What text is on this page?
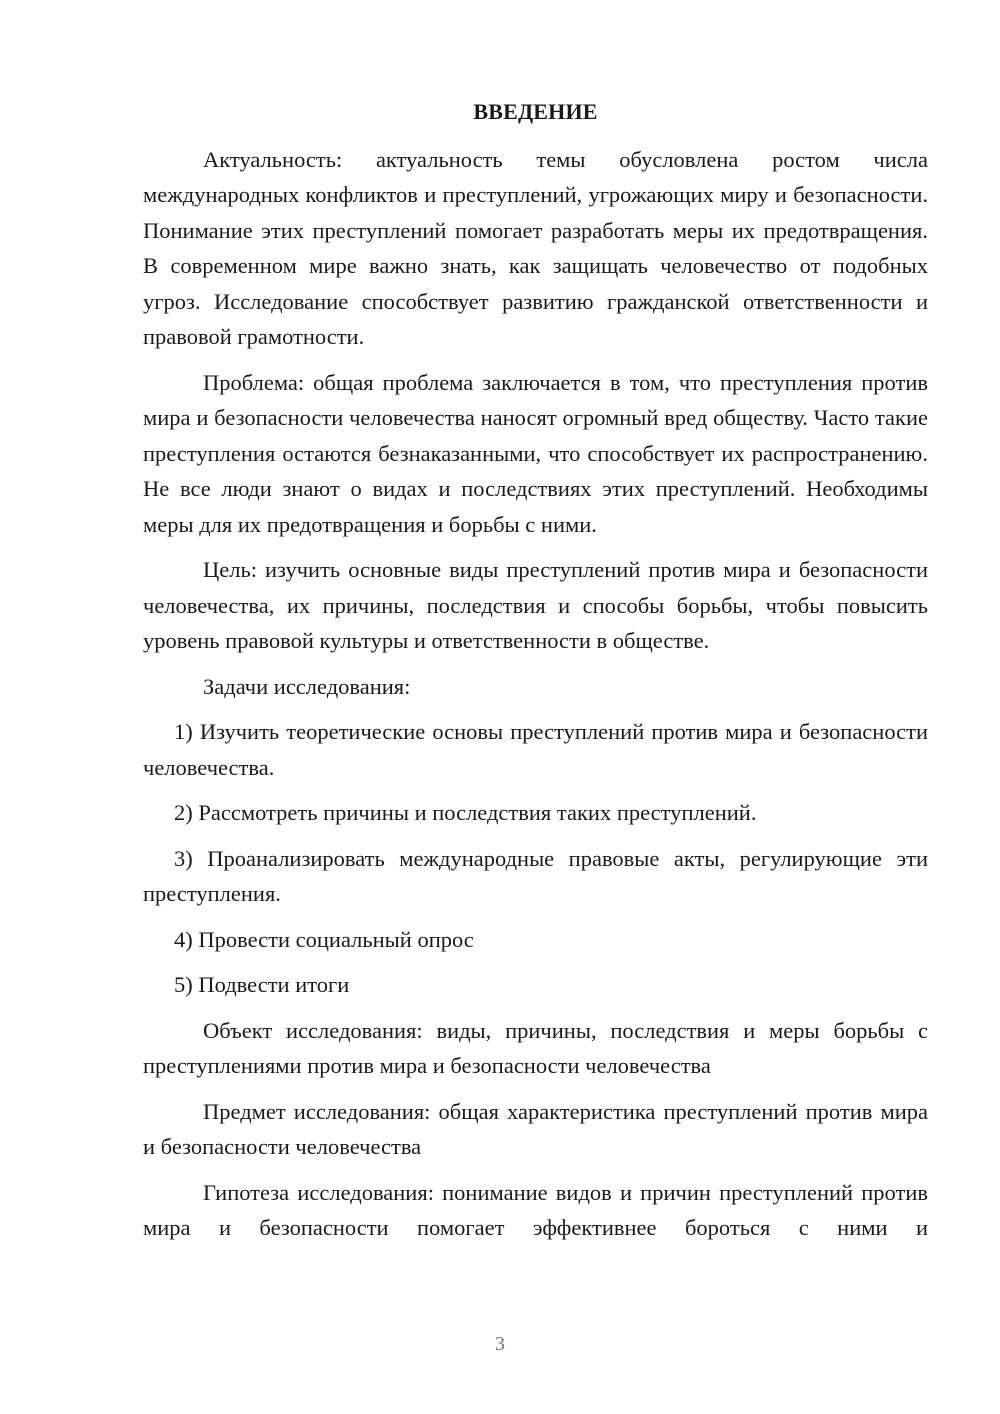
ВВЕДЕНИЕ

Актуальность: актуальность темы обусловлена ростом числа международных конфликтов и преступлений, угрожающих миру и безопасности. Понимание этих преступлений помогает разработать меры их предотвращения. В современном мире важно знать, как защищать человечество от подобных угроз. Исследование способствует развитию гражданской ответственности и правовой грамотности.

Проблема: общая проблема заключается в том, что преступления против мира и безопасности человечества наносят огромный вред обществу. Часто такие преступления остаются безнаказанными, что способствует их распространению. Не все люди знают о видах и последствиях этих преступлений. Необходимы меры для их предотвращения и борьбы с ними.

Цель: изучить основные виды преступлений против мира и безопасности человечества, их причины, последствия и способы борьбы, чтобы повысить уровень правовой культуры и ответственности в обществе.

Задачи исследования:

1) Изучить теоретические основы преступлений против мира и безопасности человечества.

2) Рассмотреть причины и последствия таких преступлений.

3) Проанализировать международные правовые акты, регулирующие эти преступления.

4) Провести социальный опрос

5) Подвести итоги

Объект исследования: виды, причины, последствия и меры борьбы с преступлениями против мира и безопасности человечества

Предмет исследования: общая характеристика преступлений против мира и безопасности человечества

Гипотеза исследования: понимание видов и причин преступлений против мира и безопасности помогает эффективнее бороться с ними и

3
